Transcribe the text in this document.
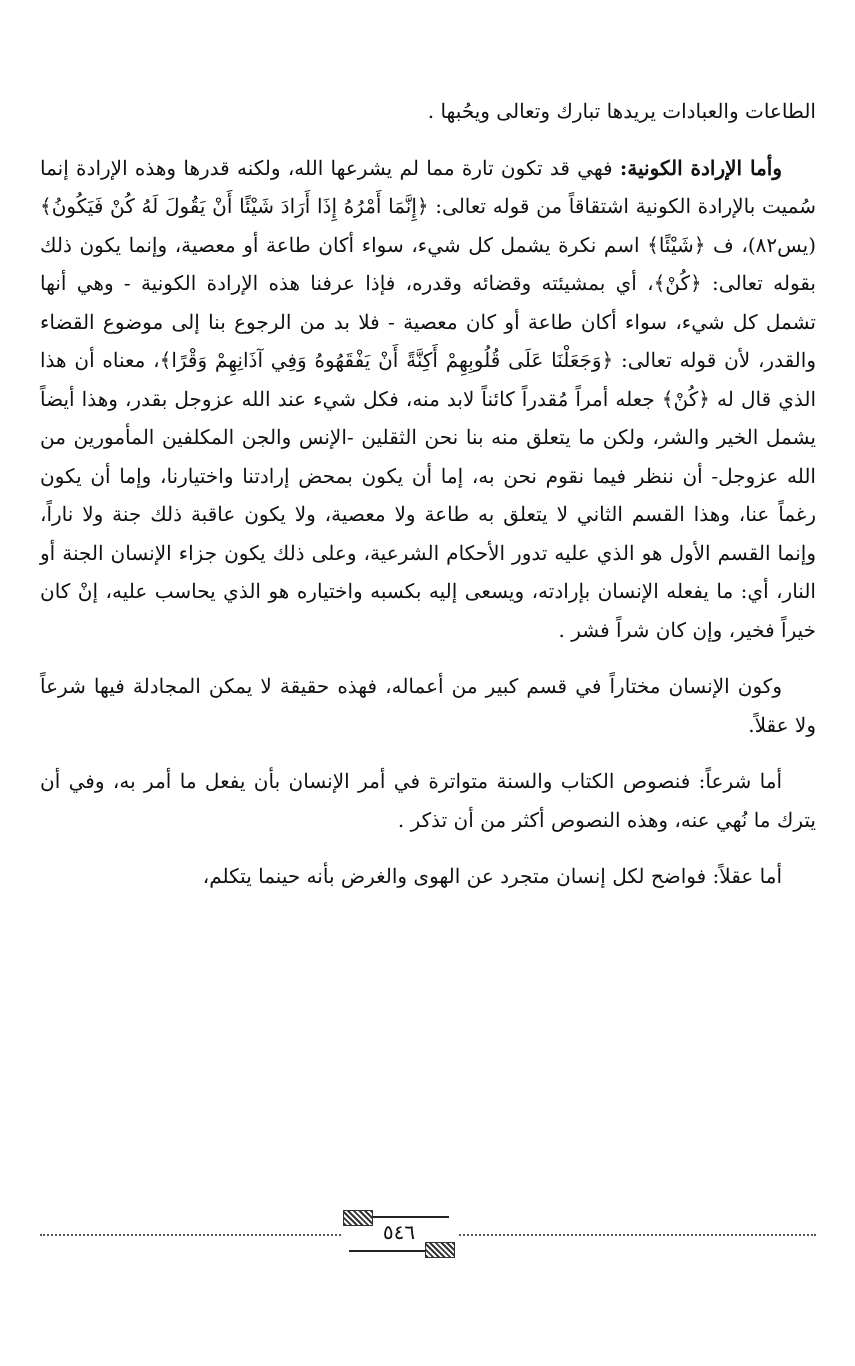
الطاعات والعبادات يريدها تبارك وتعالى ويحُبها .

وأما الإرادة الكونية: فهي قد تكون تارة مما لم يشرعها الله، ولكنه قدرها وهذه الإرادة إنما سُميت بالإرادة الكونية اشتقاقاً من قوله تعالى: ﴿إِنَّمَا أَمْرُهُ إِذَا أَرَادَ شَيْئًا أَنْ يَقُولَ لَهُ كُنْ فَيَكُونُ﴾(يس٨٢)، ف ﴿شَيْئًا﴾ اسم نكرة يشمل كل شيء، سواء أكان طاعة أو معصية، وإنما يكون ذلك بقوله تعالى: ﴿كُنْ﴾، أي بمشيئته وقضائه وقدره، فإذا عرفنا هذه الإرادة الكونية - وهي أنها تشمل كل شيء، سواء أكان طاعة أو كان معصية - فلا بد من الرجوع بنا إلى موضوع القضاء والقدر، لأن قوله تعالى: ﴿وَجَعَلْنَا عَلَى قُلُوبِهِمْ أَكِنَّةً أَنْ يَفْقَهُوهُ وَفِي آذَانِهِمْ وَقْرًا﴾، معناه أن هذا الذي قال له ﴿كُنْ﴾ جعله أمراً مُقدراً كائناً لابد منه، فكل شيء عند الله عزوجل بقدر، وهذا أيضاً يشمل الخير والشر، ولكن ما يتعلق منه بنا نحن الثقلين -الإنس والجن المكلفين المأمورين من الله عزوجل- أن ننظر فيما نقوم نحن به، إما أن يكون بمحض إرادتنا واختيارنا، وإما أن يكون رغماً عنا، وهذا القسم الثاني لا يتعلق به طاعة ولا معصية، ولا يكون عاقبة ذلك جنة ولا ناراً، وإنما القسم الأول هو الذي عليه تدور الأحكام الشرعية، وعلى ذلك يكون جزاء الإنسان الجنة أو النار، أي: ما يفعله الإنسان بإرادته، ويسعى إليه بكسبه واختياره هو الذي يحاسب عليه، إنْ كان خيراً فخير، وإن كان شراً فشر .

وكون الإنسان مختاراً في قسم كبير من أعماله، فهذه حقيقة لا يمكن المجادلة فيها شرعاً ولا عقلاً.

أما شرعاً: فنصوص الكتاب والسنة متواترة في أمر الإنسان بأن يفعل ما أمر به، وفي أن يترك ما نُهي عنه، وهذه النصوص أكثر من أن تذكر .

أما عقلاً: فواضح لكل إنسان متجرد عن الهوى والغرض بأنه حينما يتكلم،

٥٤٦
